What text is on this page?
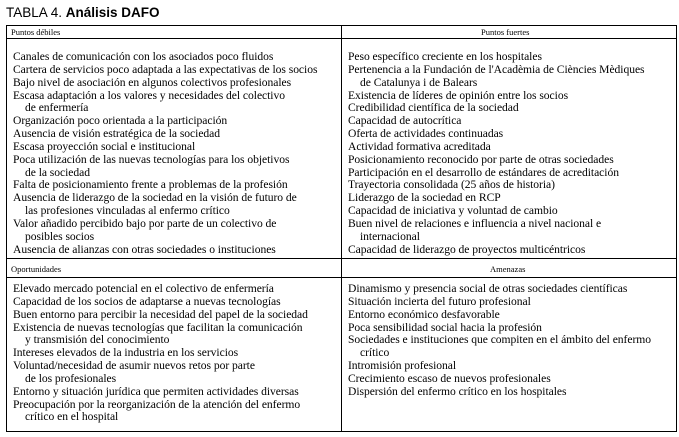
TABLA 4. Análisis DAFO
Puntos débiles
Canales de comunicación con los asociados poco fluidos
Cartera de servicios poco adaptada a las expectativas de los socios
Bajo nivel de asociación en algunos colectivos profesionales
Escasa adaptación a los valores y necesidades del colectivo
de enfermería
Organización poco orientada a la participación
Ausencia de visión estratégica de la sociedad
Escasa proyección social e institucional
Poca utilización de las nuevas tecnologías para los objetivos
de la sociedad
Falta de posicionamiento frente a problemas de la profesión
Ausencia de liderazgo de la sociedad en la visión de futuro de
las profesiones vinculadas al enfermo crítico
Valor añadido percibido bajo por parte de un colectivo de
posibles socios
Ausencia de alianzas con otras sociedades o instituciones
Puntos fuertes
Peso específico creciente en los hospitales
Pertenencia a la Fundación de l'Acadèmia de Ciències Mèdiques
de Catalunya i de Balears
Existencia de líderes de opinión entre los socios
Credibilidad científica de la sociedad
Capacidad de autocrítica
Oferta de actividades continuadas
Actividad formativa acreditada
Posicionamiento reconocido por parte de otras sociedades
Participación en el desarrollo de estándares de acreditación
Trayectoria consolidada (25 años de historia)
Liderazgo de la sociedad en RCP
Capacidad de iniciativa y voluntad de cambio
Buen nivel de relaciones e influencia a nivel nacional e
internacional
Capacidad de liderazgo de proyectos multicéntricos
Oportunidades
Elevado mercado potencial en el colectivo de enfermería
Capacidad de los socios de adaptarse a nuevas tecnologías
Buen entorno para percibir la necesidad del papel de la sociedad
Existencia de nuevas tecnologías que facilitan la comunicación
y transmisión del conocimiento
Intereses elevados de la industria en los servicios
Voluntad/necesidad de asumir nuevos retos por parte
de los profesionales
Entorno y situación jurídica que permiten actividades diversas
Preocupación por la reorganización de la atención del enfermo
crítico en el hospital
Amenazas
Dinamismo y presencia social de otras sociedades científicas
Situación incierta del futuro profesional
Entorno económico desfavorable
Poca sensibilidad social hacia la profesión
Sociedades e instituciones que compiten en el ámbito del enfermo
crítico
Intromisión profesional
Crecimiento escaso de nuevos profesionales
Dispersión del enfermo crítico en los hospitales
